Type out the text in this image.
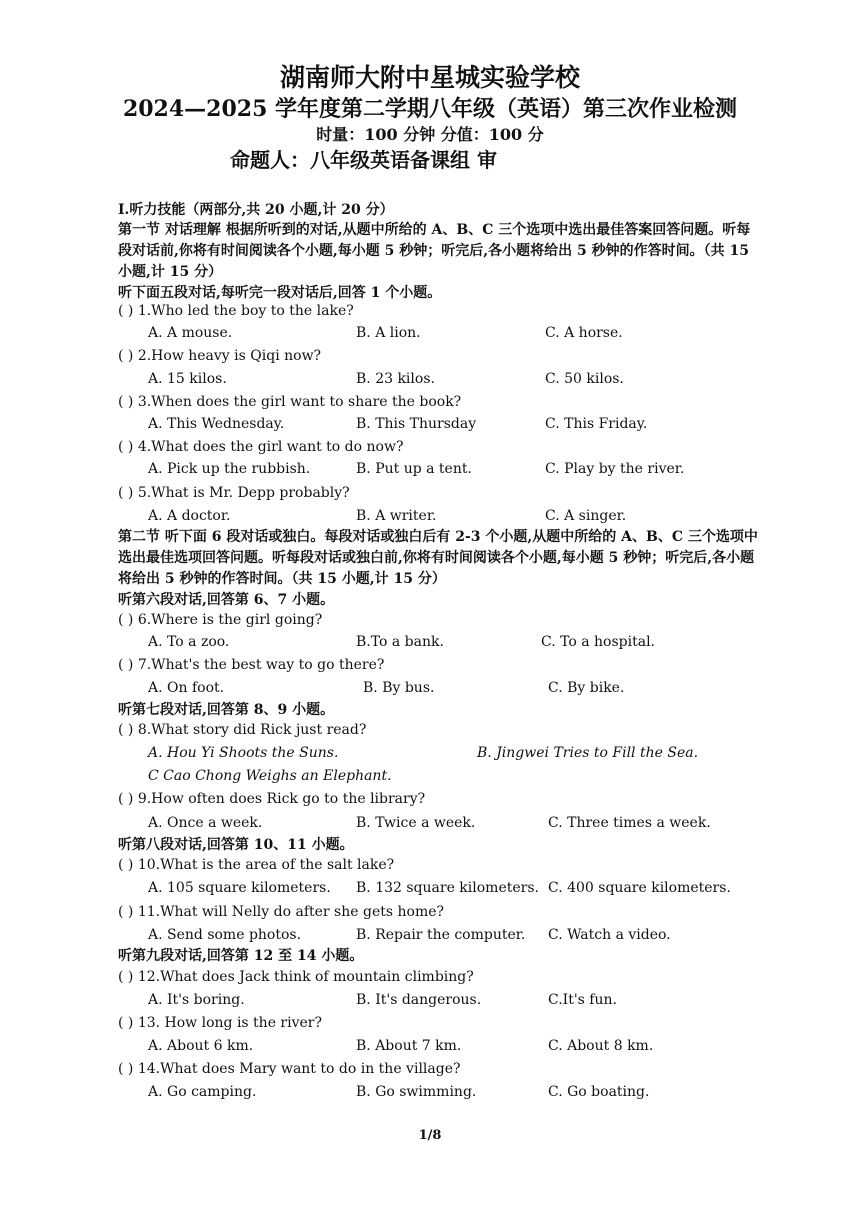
湖南师大附中星城实验学校
2024—2025 学年度第二学期八年级（英语）第三次作业检测
时量：100 分钟 分值：100 分
命题人：八年级英语备课组 审
I.听力技能（两部分,共 20 小题,计 20 分）
第一节 对话理解 根据所听到的对话,从题中所给的 A、B、C 三个选项中选出最佳答案回答问题。听每段对话前,你将有时间阅读各个小题,每小题 5 秒钟；听完后,各小题将给出 5 秒钟的作答时间。（共 15 小题,计 15 分）
听下面五段对话,每听完一段对话后,回答 1 个小题。
( ) 1.Who led the boy to the lake?
A. A mouse.	B. A lion.	C. A horse.
( ) 2.How heavy is Qiqi now?
A. 15 kilos.	B. 23 kilos.	C. 50 kilos.
( ) 3.When does the girl want to share the book?
A. This Wednesday.	B. This Thursday	C. This Friday.
( ) 4.What does the girl want to do now?
A. Pick up the rubbish.	B. Put up a tent.	C. Play by the river.
( ) 5.What is Mr. Depp probably?
A. A doctor.	B. A writer.	C. A singer.
第二节 听下面 6 段对话或独白。每段对话或独白后有 2-3 个小题,从题中所给的 A、B、C 三个选项中选出最佳选项回答问题。听每段对话或独白前,你将有时间阅读各个小题,每小题 5 秒钟；听完后,各小题将给出 5 秒钟的作答时间。（共 15 小题,计 15 分）
听第六段对话,回答第 6、7 小题。
( ) 6.Where is the girl going?
A. To a zoo.	B.To a bank.	C. To a hospital.
( ) 7.What's the best way to go there?
A. On foot.	B. By bus.	C. By bike.
听第七段对话,回答第 8、9 小题。
( ) 8.What story did Rick just read?
A. Hou Yi Shoots the Suns.	B. Jingwei Tries to Fill the Sea.
C Cao Chong Weighs an Elephant.
( ) 9.How often does Rick go to the library?
A. Once a week.	B. Twice a week.	C. Three times a week.
听第八段对话,回答第 10、11 小题。
( ) 10.What is the area of the salt lake?
A. 105 square kilometers. B. 132 square kilometers. C. 400 square kilometers.
( ) 11.What will Nelly do after she gets home?
A. Send some photos.	B. Repair the computer. C. Watch a video.
听第九段对话,回答第 12 至 14 小题。
( ) 12.What does Jack think of mountain climbing?
A. It's boring.	B. It's dangerous.	C.It's fun.
( ) 13. How long is the river?
A. About 6 km.	B. About 7 km.	C. About 8 km.
( ) 14.What does Mary want to do in the village?
A. Go camping.	B. Go swimming.	C. Go boating.
1/8
